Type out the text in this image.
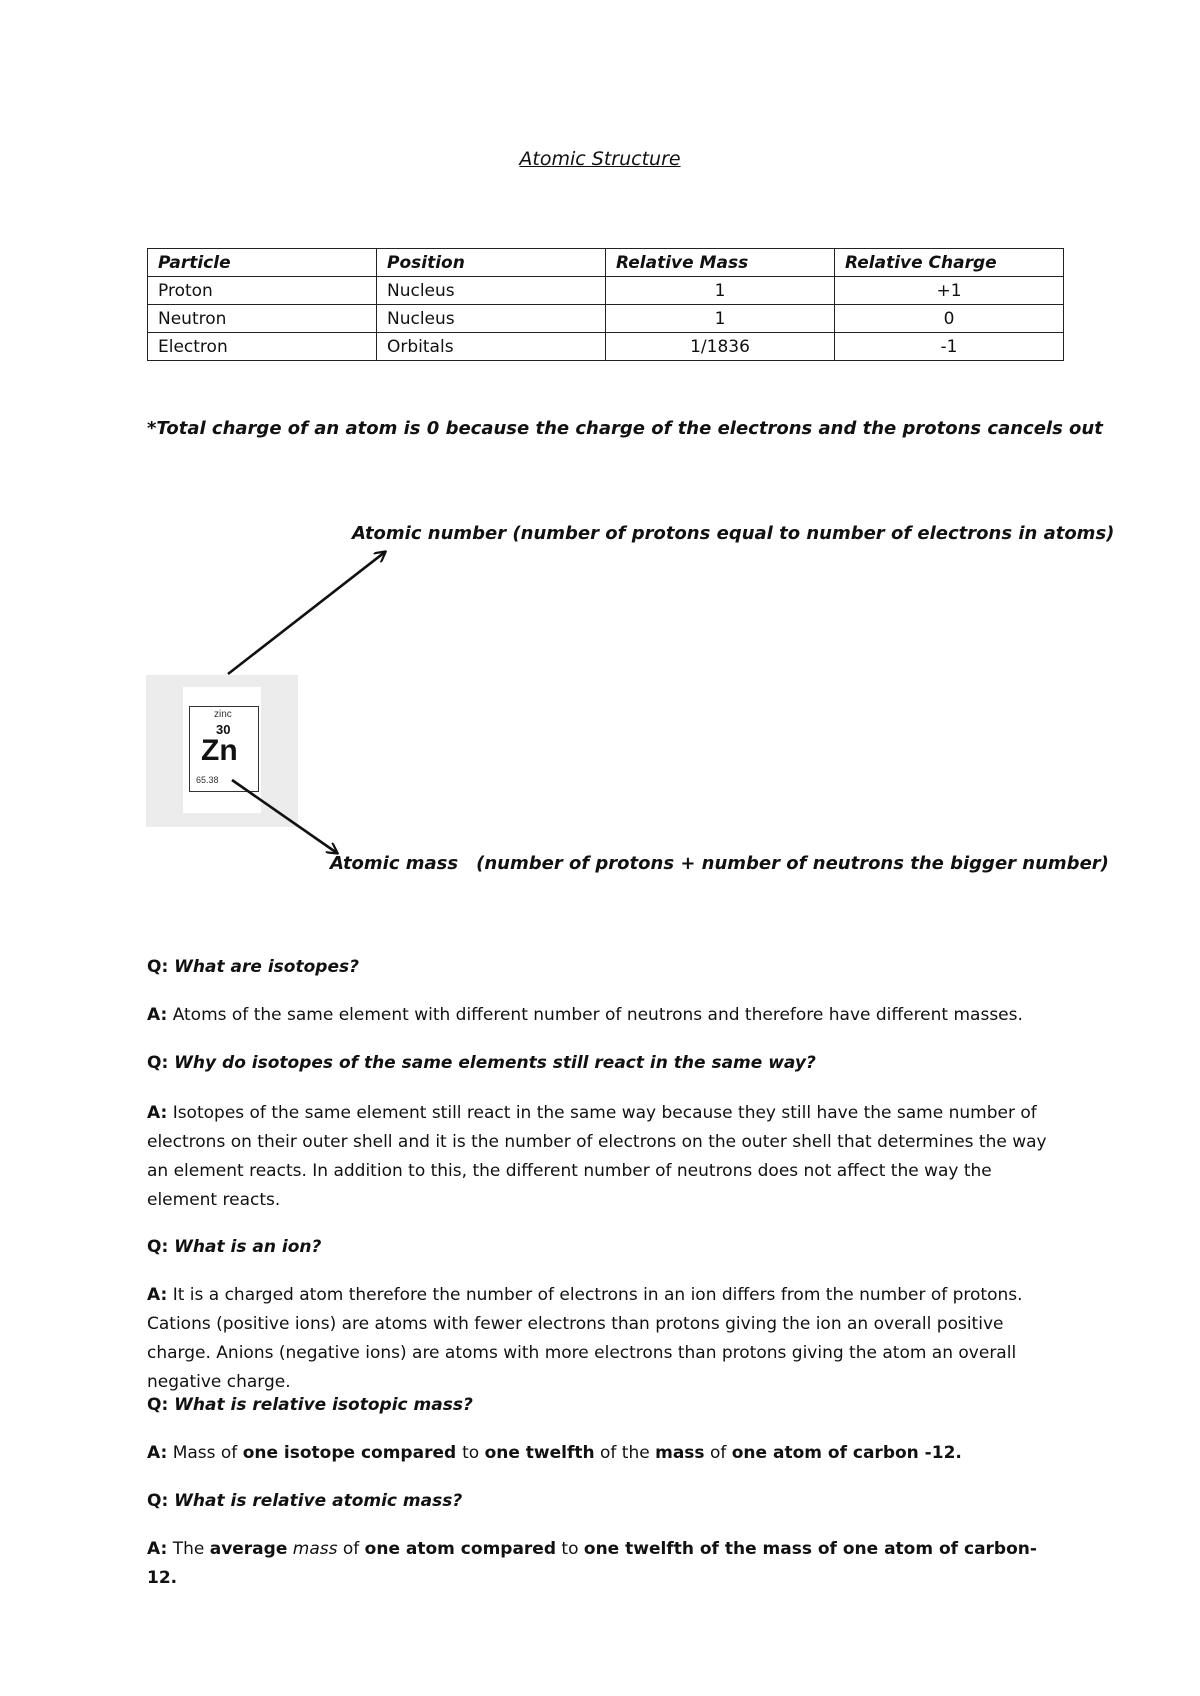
Atomic Structure
Particle	Position	Relative Mass	Relative Charge
Proton	Nucleus	1	+1
Neutron	Nucleus	1	0
Electron	Orbitals	1/1836	-1
*Total charge of an atom is 0 because the charge of the electrons and the protons cancels out
Atomic number (number of protons equal to number of electrons in atoms)
zinc
30
Zn
65.38
Atomic mass (number of protons + number of neutrons the bigger number)
Q: What are isotopes?
A: Atoms of the same element with different number of neutrons and therefore have different masses.
Q: Why do isotopes of the same elements still react in the same way?
A: Isotopes of the same element still react in the same way because they still have the same number of electrons on their outer shell and it is the number of electrons on the outer shell that determines the way an element reacts. In addition to this, the different number of neutrons does not affect the way the element reacts.
Q: What is an ion?
A: It is a charged atom therefore the number of electrons in an ion differs from the number of protons. Cations (positive ions) are atoms with fewer electrons than protons giving the ion an overall positive charge. Anions (negative ions) are atoms with more electrons than protons giving the atom an overall negative charge.
Q: What is relative isotopic mass?
A: Mass of one isotope compared to one twelfth of the mass of one atom of carbon -12.
Q: What is relative atomic mass?
A: The average mass of one atom compared to one twelfth of the mass of one atom of carbon-12.
